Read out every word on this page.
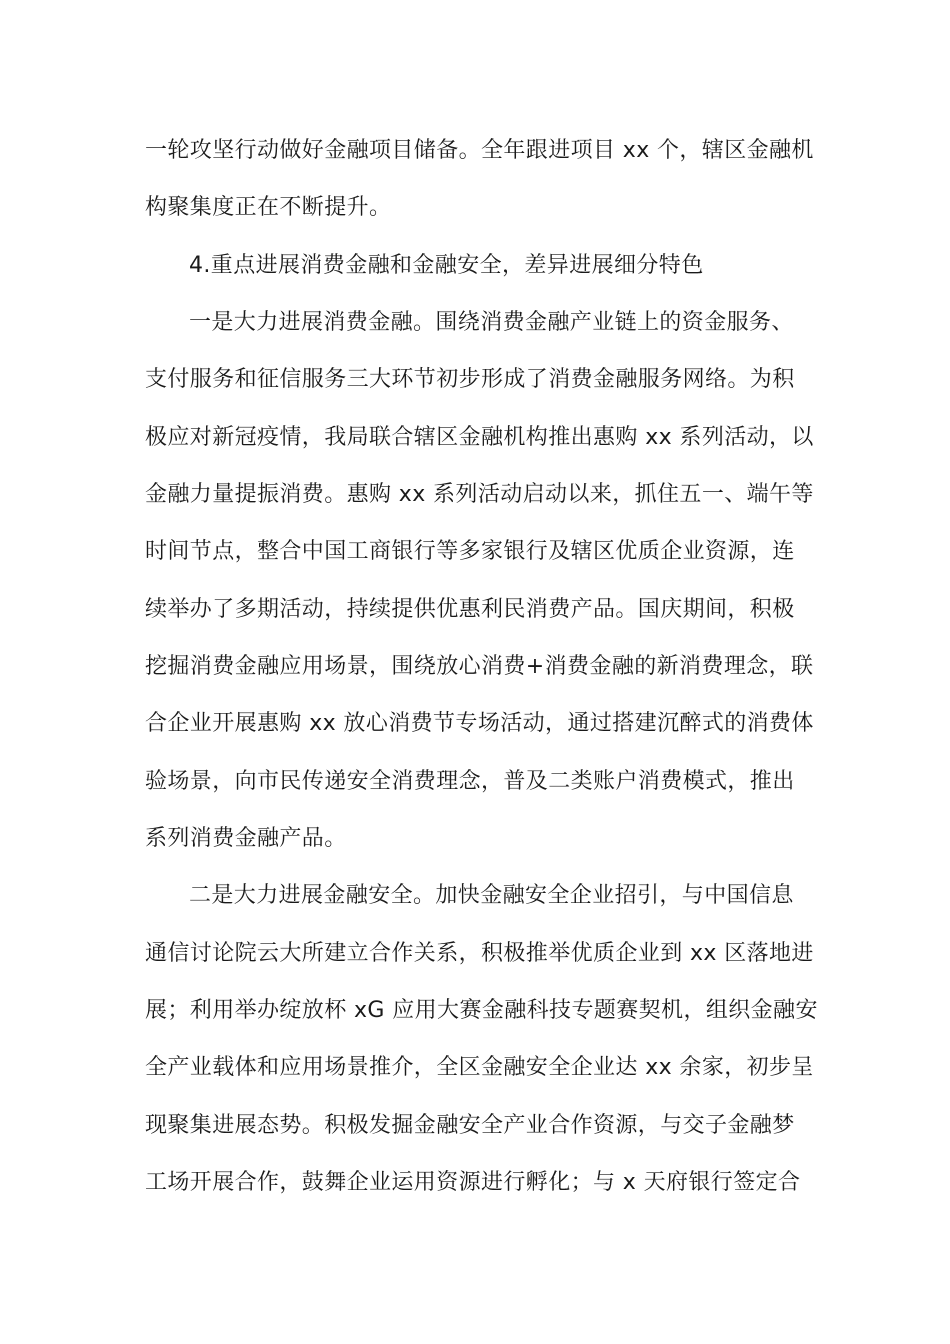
一轮攻坚行动做好金融项目储备。全年跟进项目 xx 个，辖区金融机
构聚集度正在不断提升。
4.重点进展消费金融和金融安全，差异进展细分特色
一是大力进展消费金融。围绕消费金融产业链上的资金服务、
支付服务和征信服务三大环节初步形成了消费金融服务网络。为积
极应对新冠疫情，我局联合辖区金融机构推出惠购 xx 系列活动，以
金融力量提振消费。惠购 xx 系列活动启动以来，抓住五一、端午等
时间节点，整合中国工商银行等多家银行及辖区优质企业资源，连
续举办了多期活动，持续提供优惠利民消费产品。国庆期间，积极
挖掘消费金融应用场景，围绕放心消费+消费金融的新消费理念，联
合企业开展惠购 xx 放心消费节专场活动，通过搭建沉醉式的消费体
验场景，向市民传递安全消费理念，普及二类账户消费模式，推出
系列消费金融产品。
二是大力进展金融安全。加快金融安全企业招引，与中国信息
通信讨论院云大所建立合作关系，积极推举优质企业到 xx 区落地进
展；利用举办绽放杯 xG 应用大赛金融科技专题赛契机，组织金融安
全产业载体和应用场景推介，全区金融安全企业达 xx 余家，初步呈
现聚集进展态势。积极发掘金融安全产业合作资源，与交子金融梦
工场开展合作，鼓舞企业运用资源进行孵化；与 x 天府银行签定合
